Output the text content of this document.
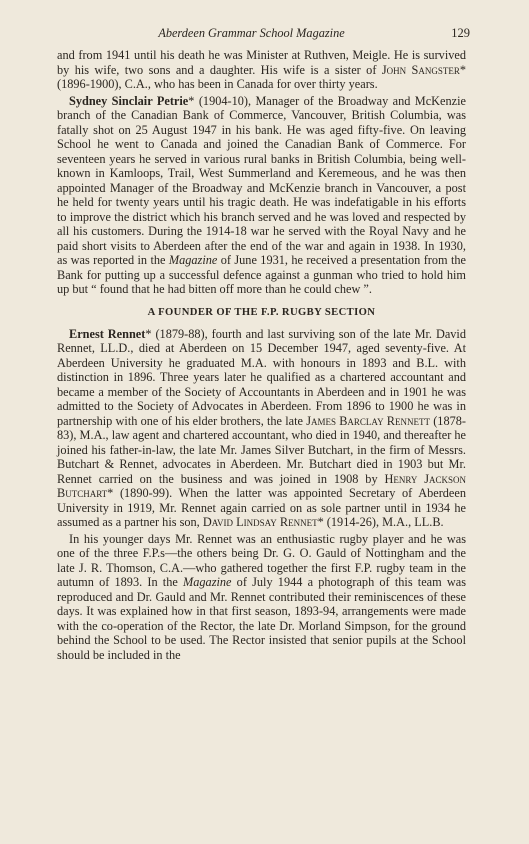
Aberdeen Grammar School Magazine	129

and from 1941 until his death he was Minister at Ruthven, Meigle. He is survived by his wife, two sons and a daughter. His wife is a sister of John Sangster* (1896-1900), C.A., who has been in Canada for over thirty years.

Sydney Sinclair Petrie* (1904-10), Manager of the Broadway and McKenzie branch of the Canadian Bank of Commerce, Vancouver, British Columbia, was fatally shot on 25 August 1947 in his bank. He was aged fifty-five. On leaving School he went to Canada and joined the Canadian Bank of Commerce. For seventeen years he served in various rural banks in British Columbia, being well-known in Kamloops, Trail, West Summerland and Keremeous, and he was then appointed Manager of the Broadway and McKenzie branch in Vancouver, a post he held for twenty years until his tragic death. He was indefatigable in his efforts to improve the district which his branch served and he was loved and respected by all his customers. During the 1914-18 war he served with the Royal Navy and he paid short visits to Aberdeen after the end of the war and again in 1938. In 1930, as was reported in the Magazine of June 1931, he received a presentation from the Bank for putting up a successful defence against a gunman who tried to hold him up but “ found that he had bitten off more than he could chew ”.

A FOUNDER OF THE F.P. RUGBY SECTION

Ernest Rennet* (1879-88), fourth and last surviving son of the late Mr. David Rennet, LL.D., died at Aberdeen on 15 December 1947, aged seventy-five. At Aberdeen University he graduated M.A. with honours in 1893 and B.L. with distinction in 1896. Three years later he qualified as a chartered accountant and became a member of the Society of Accountants in Aberdeen and in 1901 he was admitted to the Society of Advocates in Aberdeen. From 1896 to 1900 he was in partnership with one of his elder brothers, the late James Barclay Rennett (1878-83), M.A., law agent and chartered accountant, who died in 1940, and thereafter he joined his father-in-law, the late Mr. James Silver Butchart, in the firm of Messrs. Butchart & Rennet, advocates in Aberdeen. Mr. Butchart died in 1903 but Mr. Rennet carried on the business and was joined in 1908 by Henry Jackson Butchart* (1890-99). When the latter was appointed Secretary of Aberdeen University in 1919, Mr. Rennet again carried on as sole partner until in 1934 he assumed as a partner his son, David Lindsay Rennet* (1914-26), M.A., LL.B.

In his younger days Mr. Rennet was an enthusiastic rugby player and he was one of the three F.P.s—the others being Dr. G. O. Gauld of Nottingham and the late J. R. Thomson, C.A.—who gathered together the first F.P. rugby team in the autumn of 1893. In the Magazine of July 1944 a photograph of this team was reproduced and Dr. Gauld and Mr. Rennet contributed their reminiscences of these days. It was explained how in that first season, 1893-94, arrangements were made with the co-operation of the Rector, the late Dr. Morland Simpson, for the ground behind the School to be used. The Rector insisted that senior pupils at the School should be included in the
